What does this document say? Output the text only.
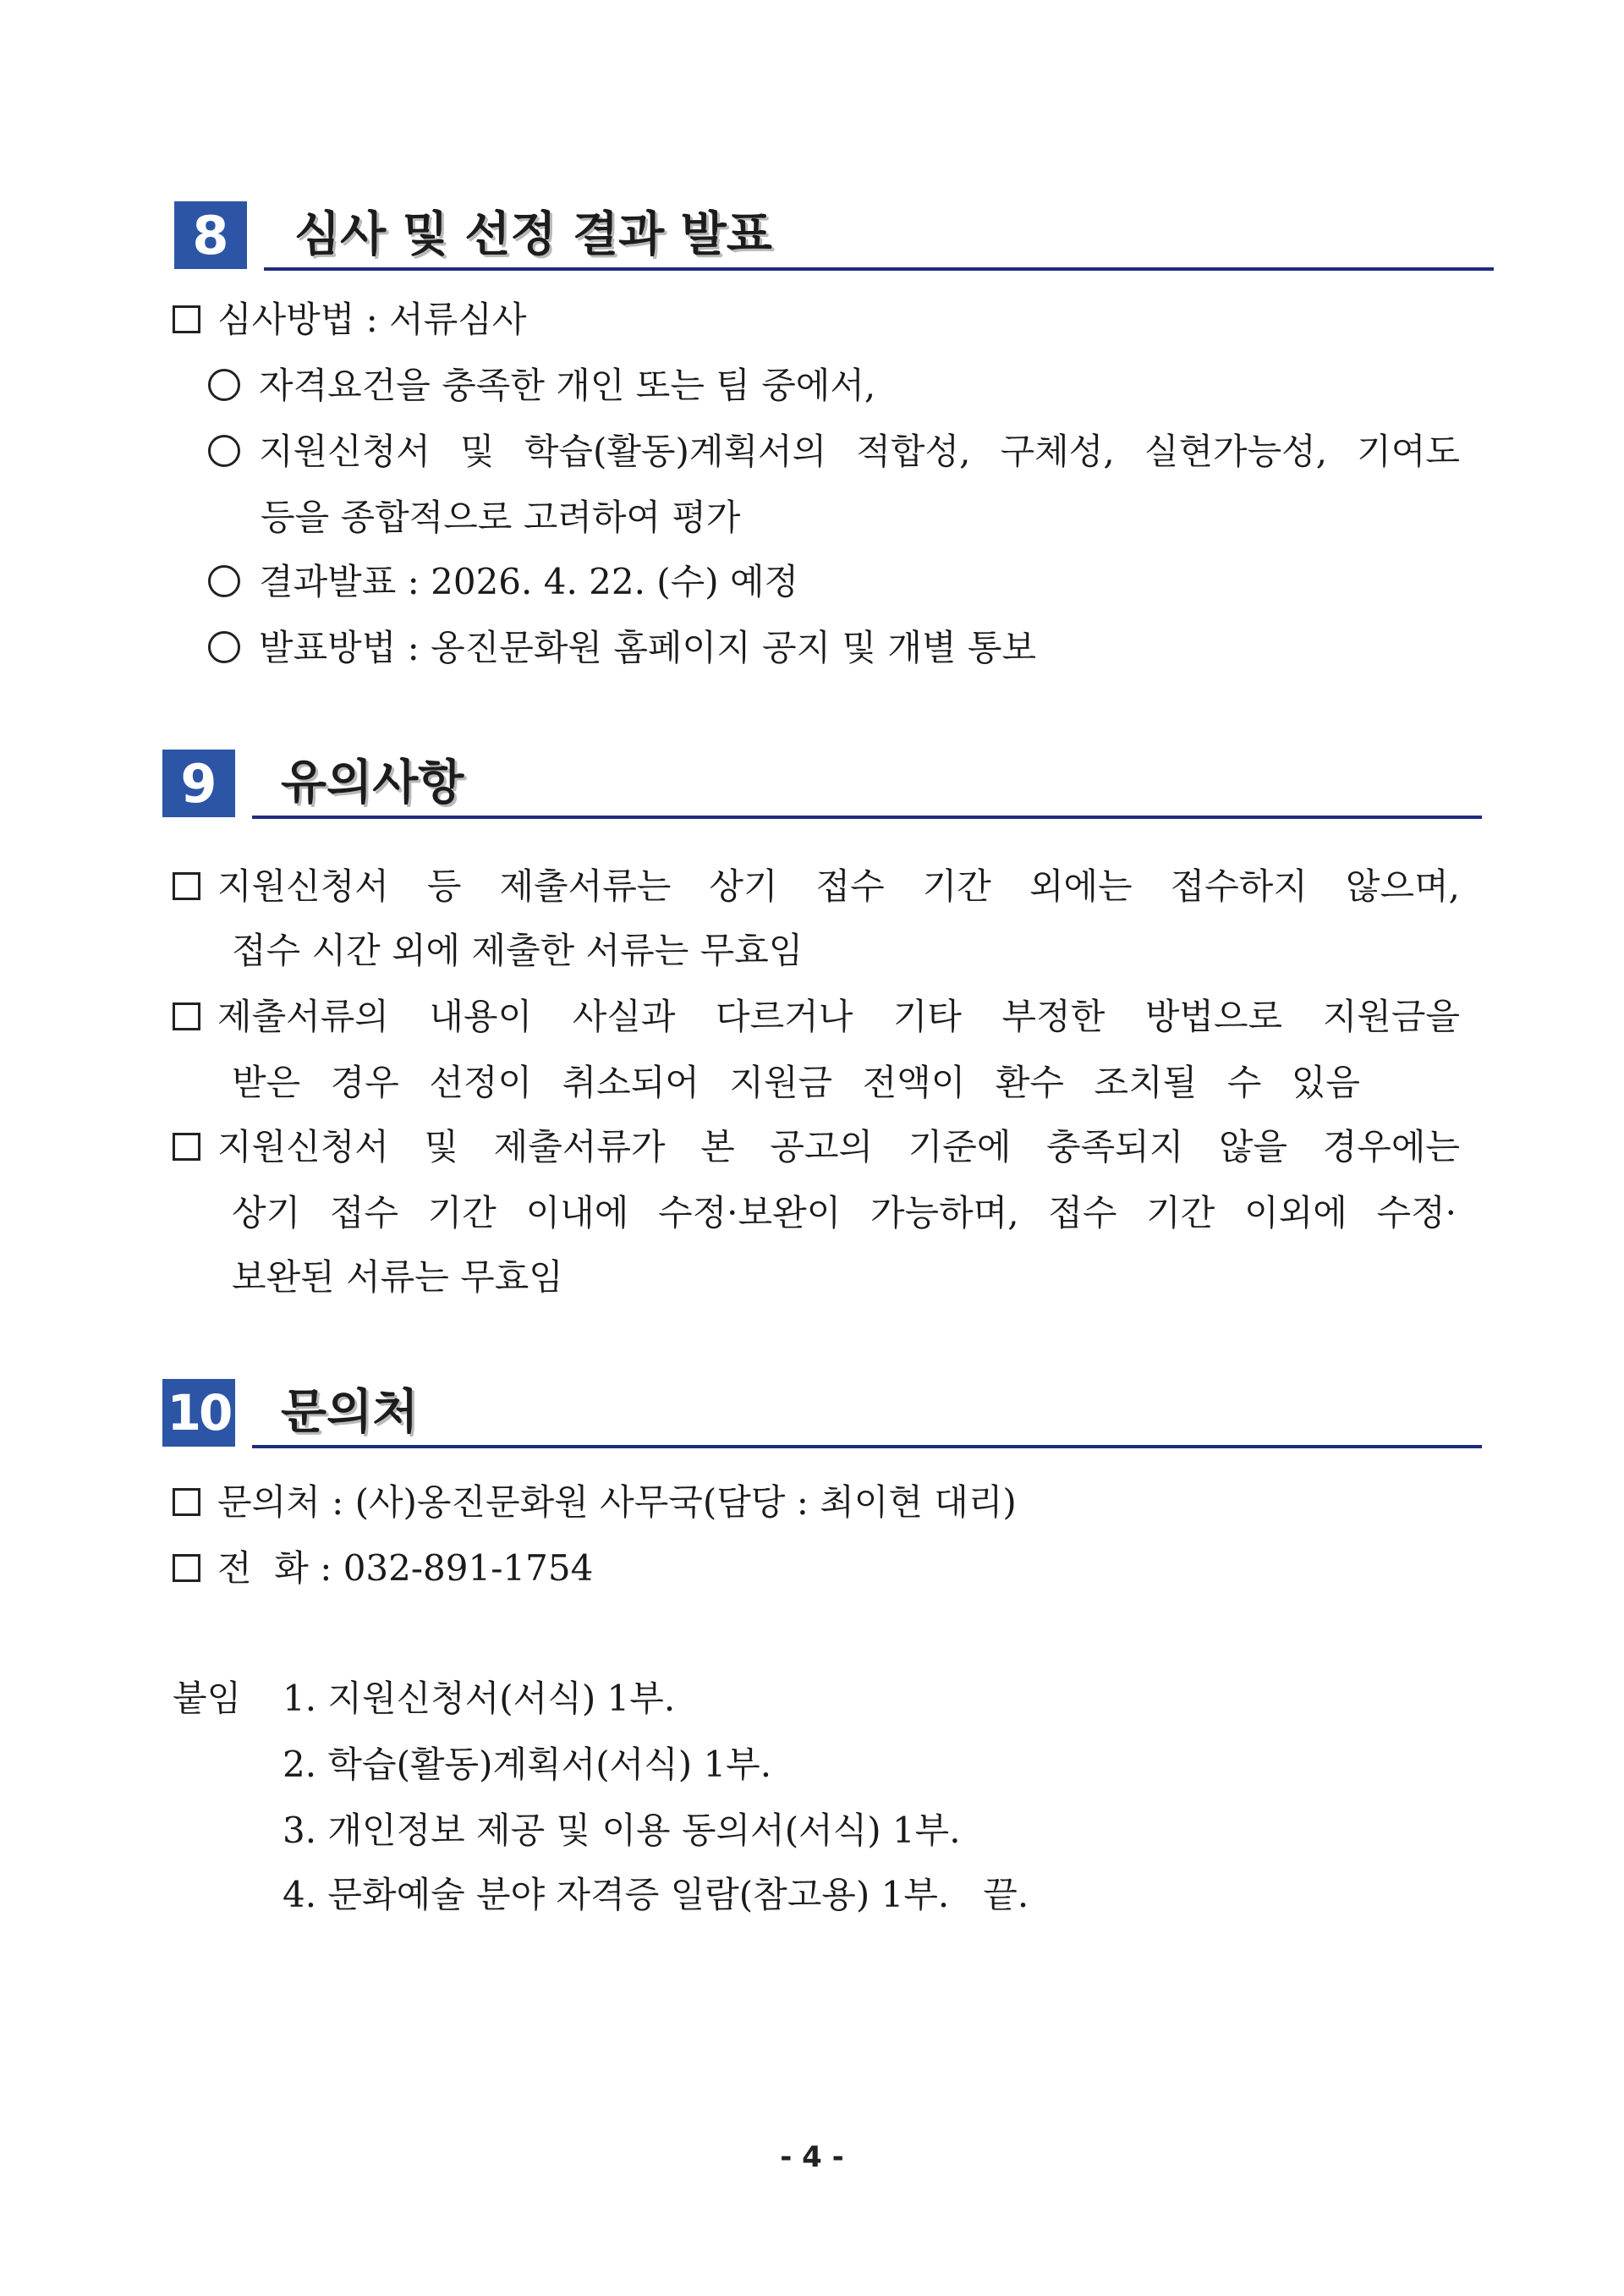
8	심사 및 선정 결과 발표
심사방법 : 서류심사
자격요건을 충족한 개인 또는 팀 중에서,
지원신청서 및 학습(활동)계획서의 적합성, 구체성, 실현가능성, 기여도
등을 종합적으로 고려하여 평가
결과발표 : 2026. 4. 22. (수) 예정
발표방법 : 옹진문화원 홈페이지 공지 및 개별 통보
9	유의사항
지원신청서 등 제출서류는 상기 접수 기간 외에는 접수하지 않으며,
접수 시간 외에 제출한 서류는 무효임
제출서류의 내용이 사실과 다르거나 기타 부정한 방법으로 지원금을
받은 경우 선정이 취소되어 지원금 전액이 환수 조치될 수 있음
지원신청서 및 제출서류가 본 공고의 기준에 충족되지 않을 경우에는
상기 접수 기간 이내에 수정·보완이 가능하며, 접수 기간 이외에 수정·
보완된 서류는 무효임
10 문의처
문의처 : (사)옹진문화원 사무국(담당 : 최이현 대리)
전  화 : 032-891-1754
붙임 1. 지원신청서(서식) 1부.
2. 학습(활동)계획서(서식) 1부.
3. 개인정보 제공 및 이용 동의서(서식) 1부.
4. 문화예술 분야 자격증 일람(참고용) 1부.   끝.
- 4 -
